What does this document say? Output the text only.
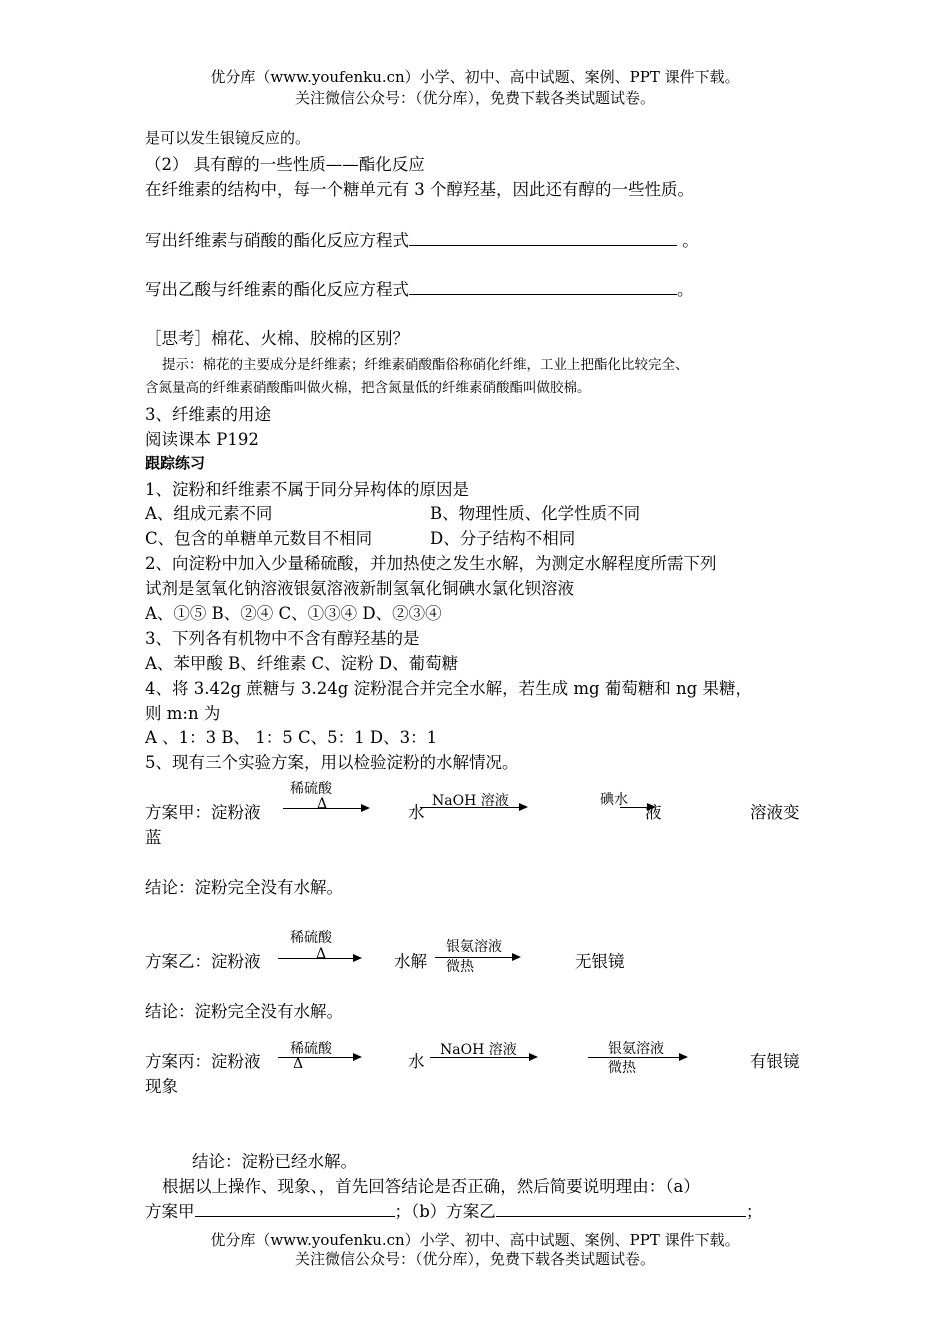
优分库（www.youfenku.cn）小学、初中、高中试题、案例、PPT 课件下载。
关注微信公众号：（优分库），免费下载各类试题试卷。
是可以发生银镜反应的。
（2） 具有醇的一些性质——酯化反应
在纤维素的结构中，每一个糖单元有 3 个醇羟基，因此还有醇的一些性质。
写出纤维素与硝酸的酯化反应方程式	。
写出乙酸与纤维素的酯化反应方程式	。
［思考］棉花、火棉、胶棉的区别？
提示：棉花的主要成分是纤维素；纤维素硝酸酯俗称硝化纤维，工业上把酯化比较完全、
含氮量高的纤维素硝酸酯叫做火棉，把含氮量低的纤维素硝酸酯叫做胶棉。
3、纤维素的用途
阅读课本 P192
跟踪练习
1、淀粉和纤维素不属于同分异构体的原因是
A、组成元素不同	B、物理性质、化学性质不同
C、包含的单糖单元数目不相同	D、分子结构不相同
2、向淀粉中加入少量稀硫酸，并加热使之发生水解，为测定水解程度所需下列
试剂是氢氧化钠溶液银氨溶液新制氢氧化铜碘水氯化钡溶液
A、①⑤ B、②④ C、①③④ D、②③④
3、下列各有机物中不含有醇羟基的是
A、苯甲酸 B、纤维素 C、淀粉 D、葡萄糖
4、将 3.42g 蔗糖与 3.24g 淀粉混合并完全水解，若生成 mg 葡萄糖和 ng 果糖，
则 m:n 为
A 、1：3 B、 1：5 C、5：1 D、3：1
5、现有三个实验方案，用以检验淀粉的水解情况。
方案甲：淀粉液
稀硫酸
Δ	水
NaOH 溶液
液
碘水
溶液变
蓝
结论：淀粉完全没有水解。
方案乙：淀粉液
稀硫酸
Δ	水解
银氨溶液
微热	无银镜
结论：淀粉完全没有水解。
方案丙：淀粉液
稀硫酸
Δ	水
NaOH 溶液	银氨溶液
微热	有银镜
现象
结论：淀粉已经水解。
根据以上操作、现象、，首先回答结论是否正确，然后简要说明理由：（a）
方案甲	；（b）方案乙	；
优分库（www.youfenku.cn）小学、初中、高中试题、案例、PPT 课件下载。
关注微信公众号：（优分库），免费下载各类试题试卷。
